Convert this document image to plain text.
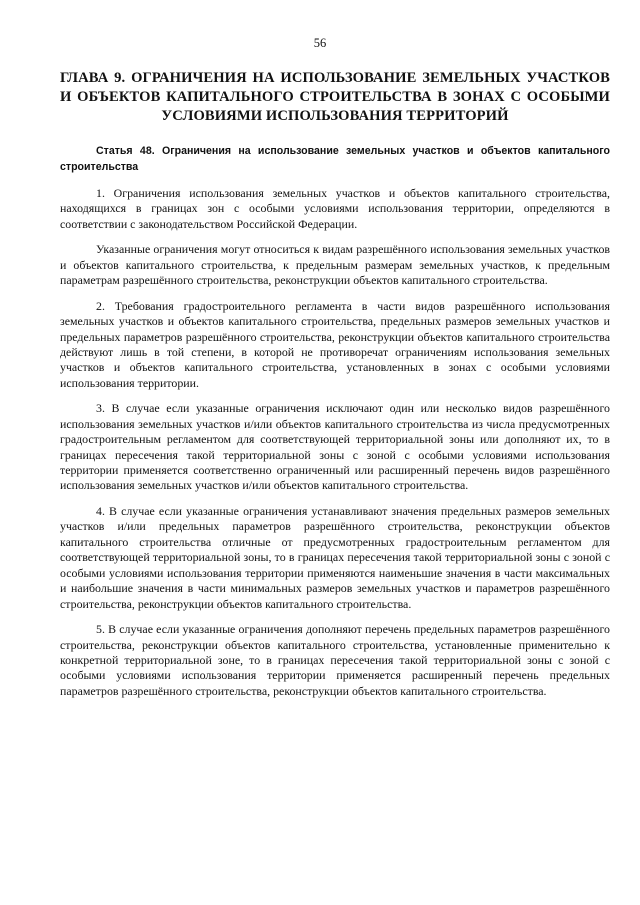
56
ГЛАВА 9. ОГРАНИЧЕНИЯ НА ИСПОЛЬЗОВАНИЕ ЗЕМЕЛЬНЫХ УЧАСТКОВ И ОБЪЕКТОВ КАПИТАЛЬНОГО СТРОИТЕЛЬСТВА В ЗОНАХ С ОСОБЫМИ УСЛОВИЯМИ ИСПОЛЬЗОВАНИЯ ТЕРРИТОРИЙ
Статья 48. Ограничения на использование земельных участков и объектов капитального строительства

1. Ограничения использования земельных участков и объектов капитального строительства, находящихся в границах зон с особыми условиями использования территории, определяются в соответствии с законодательством Российской Федерации.

Указанные ограничения могут относиться к видам разрешённого использования земельных участков и объектов капитального строительства, к предельным размерам земельных участков, к предельным параметрам разрешённого строительства, реконструкции объектов капитального строительства.

2. Требования градостроительного регламента в части видов разрешённого использования земельных участков и объектов капитального строительства, предельных размеров земельных участков и предельных параметров разрешённого строительства, реконструкции объектов капитального строительства действуют лишь в той степени, в которой не противоречат ограничениям использования земельных участков и объектов капитального строительства, установленных в зонах с особыми условиями использования территории.

3. В случае если указанные ограничения исключают один или несколько видов разрешённого использования земельных участков и/или объектов капитального строительства из числа предусмотренных градостроительным регламентом для соответствующей территориальной зоны или дополняют их, то в границах пересечения такой территориальной зоны с зоной с особыми условиями использования территории применяется соответственно ограниченный или расширенный перечень видов разрешённого использования земельных участков и/или объектов капитального строительства.

4. В случае если указанные ограничения устанавливают значения предельных размеров земельных участков и/или предельных параметров разрешённого строительства, реконструкции объектов капитального строительства отличные от предусмотренных градостроительным регламентом для соответствующей территориальной зоны, то в границах пересечения такой территориальной зоны с зоной с особыми условиями использования территории применяются наименьшие значения в части максимальных и наибольшие значения в части минимальных размеров земельных участков и параметров разрешённого строительства, реконструкции объектов капитального строительства.

5. В случае если указанные ограничения дополняют перечень предельных параметров разрешённого строительства, реконструкции объектов капитального строительства, установленные применительно к конкретной территориальной зоне, то в границах пересечения такой территориальной зоны с зоной с особыми условиями использования территории применяется расширенный перечень предельных параметров разрешённого строительства, реконструкции объектов капитального строительства.
